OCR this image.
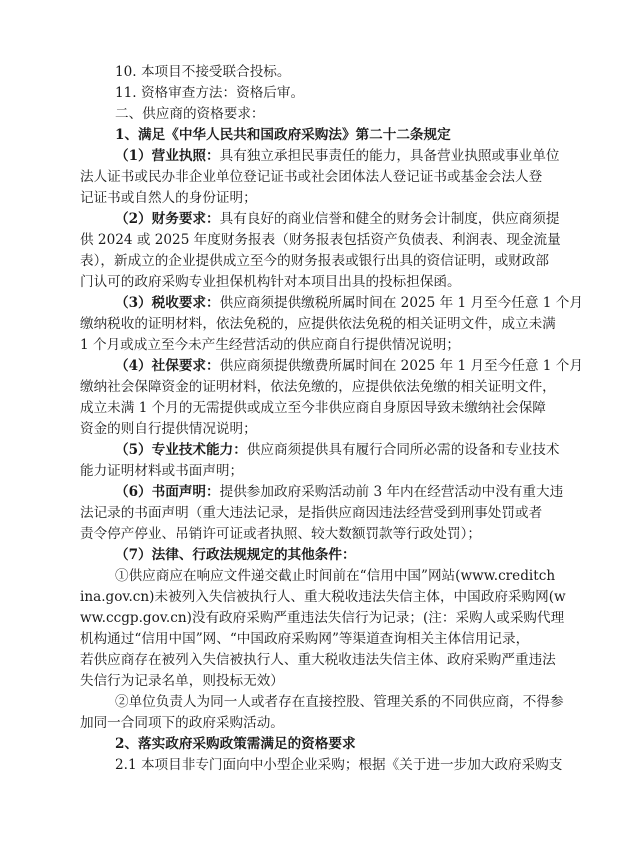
10. 本项目不接受联合投标。
11. 资格审查方法：资格后审。
二、供应商的资格要求：
1、满足《中华人民共和国政府采购法》第二十二条规定
（1）营业执照：具有独立承担民事责任的能力，具备营业执照或事业单位
法人证书或民办非企业单位登记证书或社会团体法人登记证书或基金会法人登
记证书或自然人的身份证明；
（2）财务要求：具有良好的商业信誉和健全的财务会计制度，供应商须提
供 2024 或 2025 年度财务报表（财务报表包括资产负债表、利润表、现金流量
表），新成立的企业提供成立至今的财务报表或银行出具的资信证明，或财政部
门认可的政府采购专业担保机构针对本项目出具的投标担保函。
（3）税收要求：供应商须提供缴税所属时间在 2025 年 1 月至今任意 1 个月
缴纳税收的证明材料，依法免税的，应提供依法免税的相关证明文件，成立未满
1 个月或成立至今未产生经营活动的供应商自行提供情况说明；
（4）社保要求：供应商须提供缴费所属时间在 2025 年 1 月至今任意 1 个月
缴纳社会保障资金的证明材料，依法免缴的，应提供依法免缴的相关证明文件，
成立未满 1 个月的无需提供或成立至今非供应商自身原因导致未缴纳社会保障
资金的则自行提供情况说明；
（5）专业技术能力：供应商须提供具有履行合同所必需的设备和专业技术
能力证明材料或书面声明；
（6）书面声明：提供参加政府采购活动前 3 年内在经营活动中没有重大违
法记录的书面声明（重大违法记录，是指供应商因违法经营受到刑事处罚或者
责令停产停业、吊销许可证或者执照、较大数额罚款等行政处罚）；
（7）法律、行政法规规定的其他条件：
①供应商应在响应文件递交截止时间前在“信用中国”网站(www.creditch
ina.gov.cn)未被列入失信被执行人、重大税收违法失信主体，中国政府采购网(w
ww.ccgp.gov.cn)没有政府采购严重违法失信行为记录；(注：采购人或采购代理
机构通过“信用中国”网、“中国政府采购网”等渠道查询相关主体信用记录，
若供应商存在被列入失信被执行人、重大税收违法失信主体、政府采购严重违法
失信行为记录名单，则投标无效）
②单位负责人为同一人或者存在直接控股、管理关系的不同供应商，不得参
加同一合同项下的政府采购活动。
2、落实政府采购政策需满足的资格要求
2.1 本项目非专门面向中小型企业采购；根据《关于进一步加大政府采购支
